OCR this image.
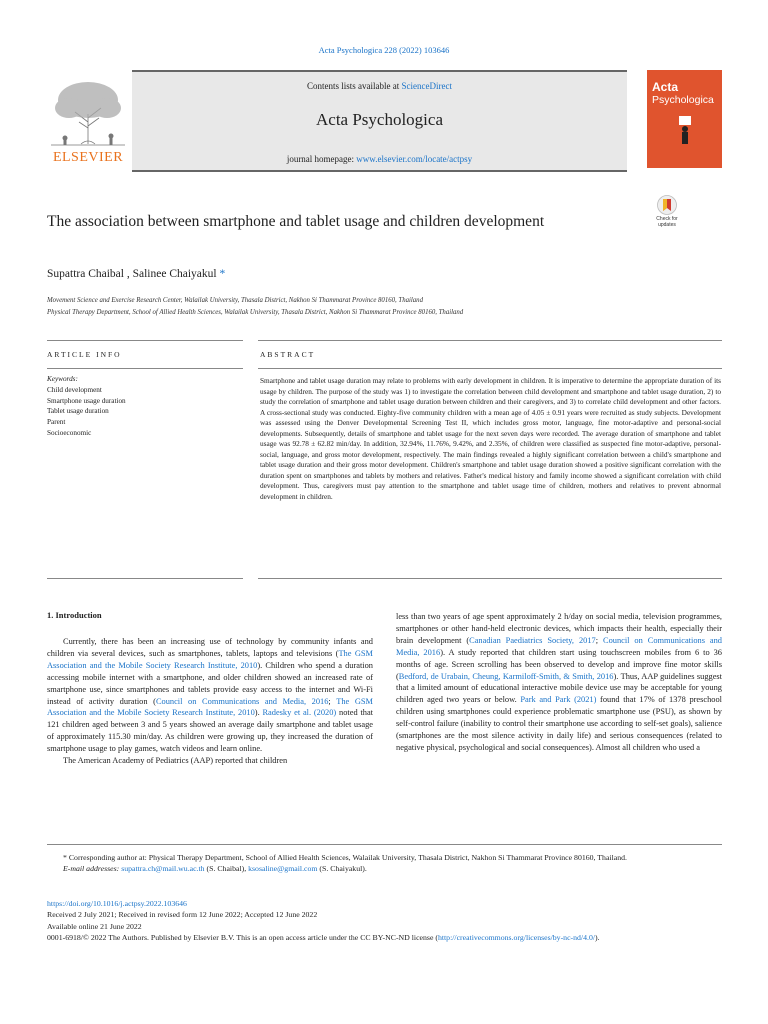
Acta Psychologica 228 (2022) 103646
ELSEVIER
Contents lists available at ScienceDirect
Acta Psychologica
journal homepage: www.elsevier.com/locate/actpsy
Acta
Psychologica
Check for
updates
The association between smartphone and tablet usage and children development
Supattra Chaibal , Salinee Chaiyakul *
Movement Science and Exercise Research Center, Walailak University, Thasala District, Nakhon Si Thammarat Province 80160, Thailand
Physical Therapy Department, School of Allied Health Sciences, Walailak University, Thasala District, Nakhon Si Thammarat Province 80160, Thailand
ARTICLE INFO	ABSTRACT
Keywords:
Child development
Smartphone usage duration
Tablet usage duration
Parent
Socioeconomic
Smartphone and tablet usage duration may relate to problems with early development in children. It is imperative to determine the appropriate duration of its usage by children. The purpose of the study was 1) to investigate the correlation between child development and smartphone and tablet usage duration, 2) to study the correlation of smartphone and tablet usage duration between children and their caregivers, and 3) to correlate child development and other factors. A cross-sectional study was conducted. Eighty-five community children with a mean age of 4.05 ± 0.91 years were recruited as study subjects. Development was assessed using the Denver Developmental Screening Test II, which includes gross motor, language, fine motor-adaptive and personal-social developments. Subsequently, details of smartphone and tablet usage for the next seven days were recorded. The average duration of smartphone and tablet usage was 92.78 ± 62.82 min/day. In addition, 32.94%, 11.76%, 9.42%, and 2.35%, of children were classified as suspected fine motor-adaptive, personal-social, language, and gross motor development, respectively. The main findings revealed a highly significant correlation between a child's smartphone and tablet usage duration and their gross motor development. Children's smartphone and tablet usage duration showed a positive significant correlation with the duration spent on smartphones and tablets by mothers and relatives. Father's medical history and family income showed a significant correlation with child development. Thus, caregivers must pay attention to the smartphone and tablet usage time of children, mothers and relatives to prevent abnormal development in children.
1. Introduction

Currently, there has been an increasing use of technology by community infants and children via several devices, such as smartphones, tablets, laptops and televisions (The GSM Association and the Mobile Society Research Institute, 2010). Children who spend a duration accessing mobile internet with a smartphone, and older children showed an increased rate of smartphone use, since smartphones and tablets provide easy access to the internet and Wi-Fi instead of activity duration (Council on Communications and Media, 2016; The GSM Association and the Mobile Society Research Institute, 2010). Radesky et al. (2020) noted that 121 children aged between 3 and 5 years showed an average daily smartphone and tablet usage of approximately 115.30 min/day. As children were growing up, they increased the duration of smartphone usage to play games, watch videos and learn online.

The American Academy of Pediatrics (AAP) reported that children

less than two years of age spent approximately 2 h/day on social media, television programmes, smartphones or other hand-held electronic devices, which impacts their health, especially their brain development (Canadian Paediatrics Society, 2017; Council on Communications and Media, 2016). A study reported that children start using touchscreen mobiles from 6 to 36 months of age. Screen scrolling has been observed to develop and improve fine motor skills (Bedford, de Urabain, Cheung, Karmiloff-Smith, & Smith, 2016). Thus, AAP guidelines suggest that a limited amount of educational interactive mobile device use may be acceptable for young children aged two years or below. Park and Park (2021) found that 17% of 1378 preschool children using smartphones could experience problematic smartphone use (PSU), as shown by self-control failure (inability to control their smartphone use according to self-set goals), salience (smartphones are the most silence activity in daily life) and serious consequences (related to negative physical, psychological and social consequences). Almost all children who used a

* Corresponding author at: Physical Therapy Department, School of Allied Health Sciences, Walailak University, Thasala District, Nakhon Si Thammarat Province 80160, Thailand.
E-mail addresses: supattra.ch@mail.wu.ac.th (S. Chaibal), ksosaline@gmail.com (S. Chaiyakul).
https://doi.org/10.1016/j.actpsy.2022.103646
Received 2 July 2021; Received in revised form 12 June 2022; Accepted 12 June 2022
Available online 21 June 2022
0001-6918/© 2022 The Authors. Published by Elsevier B.V. This is an open access article under the CC BY-NC-ND license (http://creativecommons.org/licenses/by-nc-nd/4.0/).
